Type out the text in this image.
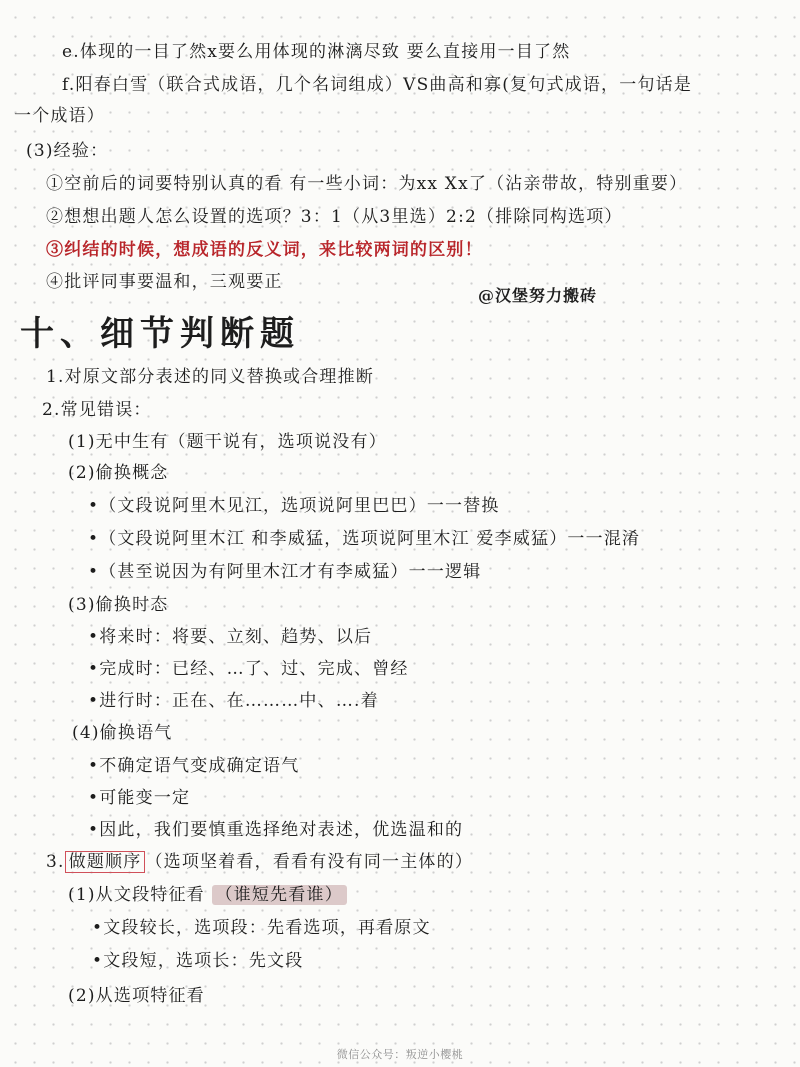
e.体现的一目了然x要么用体现的淋漓尽致 要么直接用一目了然
f.阳春白雪（联合式成语，几个名词组成）VS曲高和寡(复句式成语，一句话是
一个成语）
(3)经验：
①空前后的词要特别认真的看 有一些小词：为xx Xx了（沾亲带故，特别重要）
②想想出题人怎么设置的选项？3：1（从3里选）2:2（排除同构选项）
③纠结的时候，想成语的反义词，来比较两词的区别！
④批评同事要温和，三观要正
@汉堡努力搬砖
十、细节判断题
1.对原文部分表述的同义替换或合理推断
2.常见错误：
(1)无中生有（题干说有，选项说没有）
(2)偷换概念
•（文段说阿里木见江，选项说阿里巴巴）一一替换
•（文段说阿里木江 和李威猛，选项说阿里木江 爱李威猛）一一混淆
•（甚至说因为有阿里木江才有李威猛）一一逻辑
(3)偷换时态
•将来时：将要、立刻、趋势、以后
•完成时：已经、…了、过、完成、曾经
•进行时：正在、在………中、….着
(4)偷换语气
•不确定语气变成确定语气
•可能变一定
•因此，我们要慎重选择绝对表述，优选温和的
3. 做题顺序 （选项坚着看，看看有没有同一主体的）
(1)从文段特征看 （谁短先看谁）
•文段较长，选项段：先看选项，再看原文
•文段短，选项长：先文段
(2)从选项特征看
微信公众号：叛逆小樱桃
